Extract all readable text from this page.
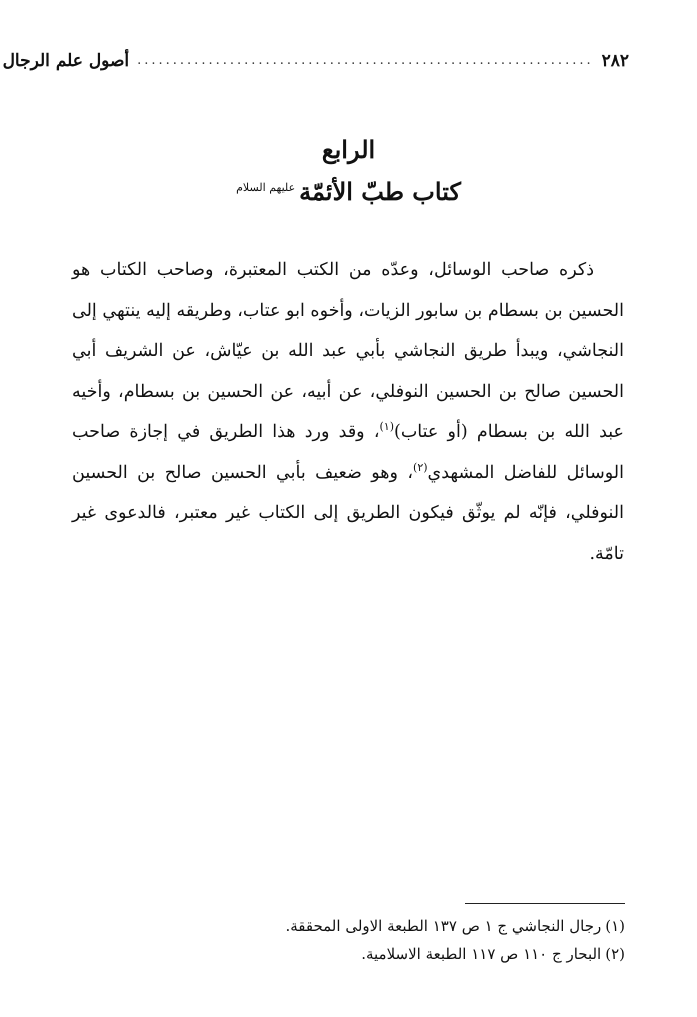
٢٨٢
................................................................
أصول علم الرجال
الرابع
كتاب طبّ الأئمّة$^{عليهم السلام}$

ذكره صاحب الوسائل، وعدّه من الكتب المعتبرة، وصاحب الكتاب هو الحسين بن بسطام بن سابور الزيات، وأخوه ابو عتاب، وطريقه إليه ينتهي إلى النجاشي، ويبدأ طريق النجاشي بأبي عبد الله بن عيّاش، عن الشريف أبي الحسين صالح بن الحسين النوفلي، عن أبيه، عن الحسين بن بسطام، وأخيه عبد الله بن بسطام (أو عتاب)$^{(١)}$، وقد ورد هذا الطريق في إجازة صاحب الوسائل للفاضل المشهدي$^{(٢)}$، وهو ضعيف بأبي الحسين صالح بن الحسين النوفلي، فإنّه لم يوثّق فيكون الطريق إلى الكتاب غير معتبر، فالدعوى غير تامّة.

(١)رجال النجاشي ج ١ ص ١٣٧ الطبعة الاولى المحققة.

(٢)البحار ج ١١٠ ص ١١٧ الطبعة الاسلامية.
